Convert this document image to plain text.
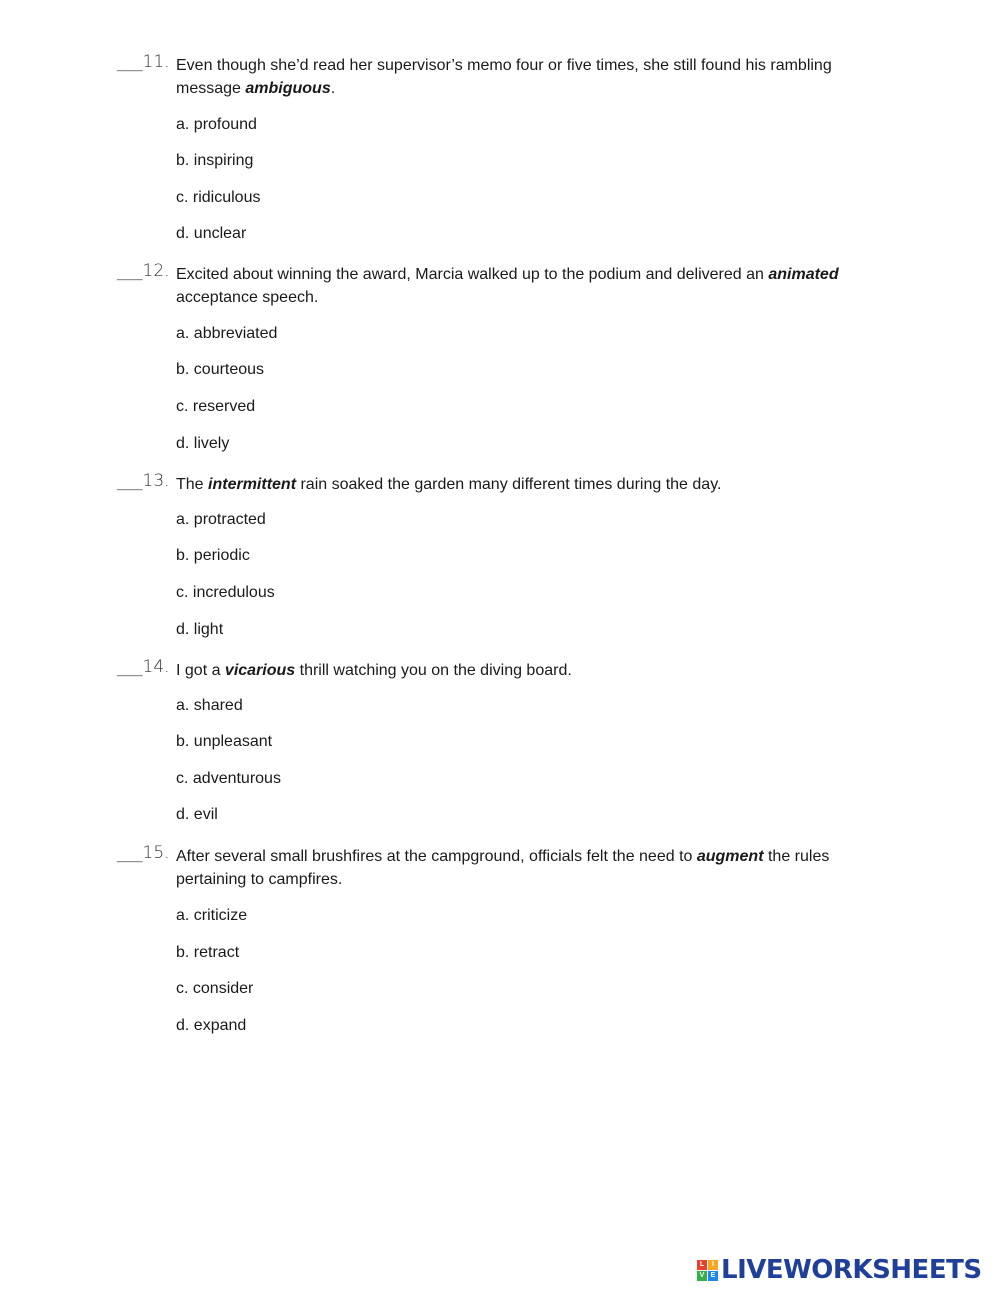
___11. Even though she’d read her supervisor’s memo four or five times, she still found his rambling message ambiguous.
a. profound
b. inspiring
c. ridiculous
d. unclear
___12. Excited about winning the award, Marcia walked up to the podium and delivered an animated acceptance speech.
a. abbreviated
b. courteous
c. reserved
d. lively
___13. The intermittent rain soaked the garden many different times during the day.
a. protracted
b. periodic
c. incredulous
d. light
___14. I got a vicarious thrill watching you on the diving board.
a. shared
b. unpleasant
c. adventurous
d. evil
___15. After several small brushfires at the campground, officials felt the need to augment the rules pertaining to campfires.
a. criticize
b. retract
c. consider
d. expand
L	I
V E LIVEWORKSHEETS
